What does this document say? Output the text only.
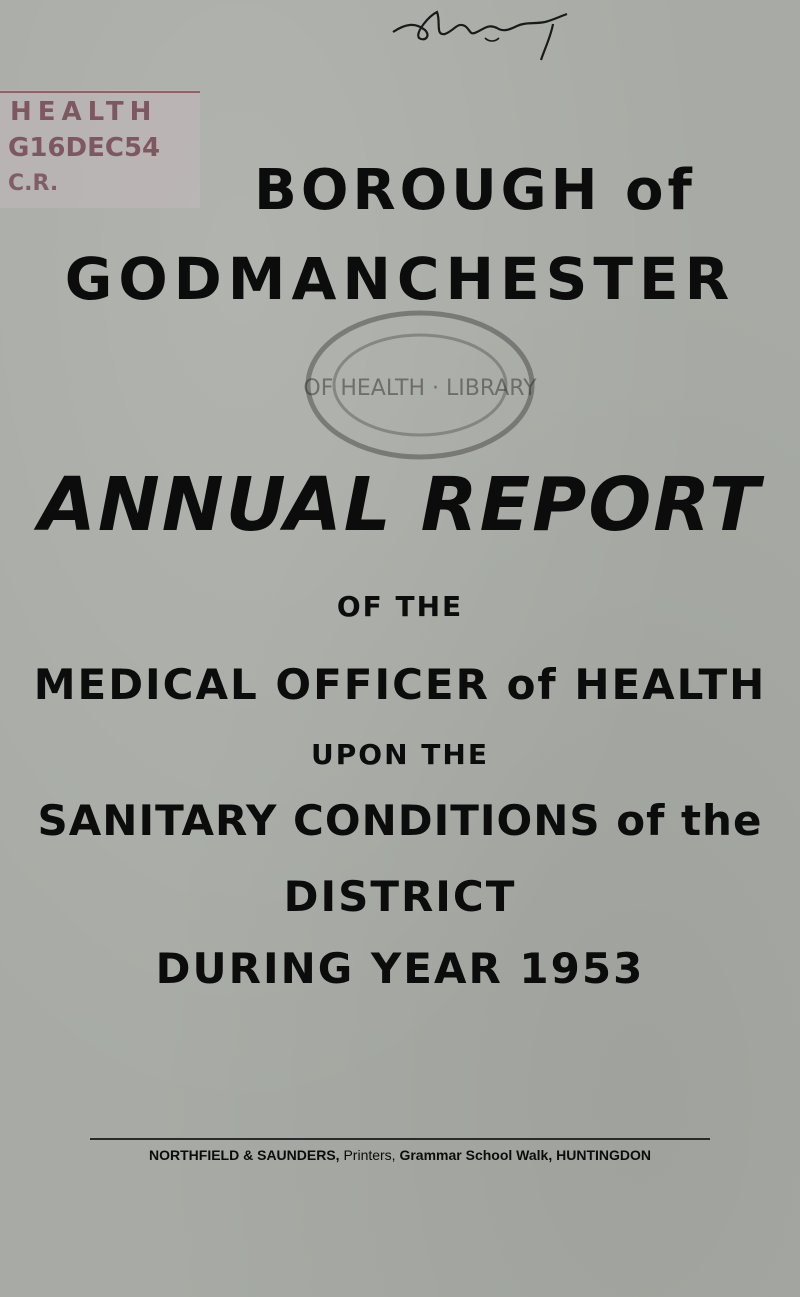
HEALTH
G16DEC54
C.R.	BOROUGH of
GODMANCHESTER
OF HEALTH · LIBRARY
ANNUAL REPORT
OF THE
MEDICAL OFFICER of HEALTH
UPON THE
SANITARY CONDITIONS of the
DISTRICT
DURING YEAR 1953
NORTHFIELD & SAUNDERS, Printers, Grammar School Walk, HUNTINGDON
